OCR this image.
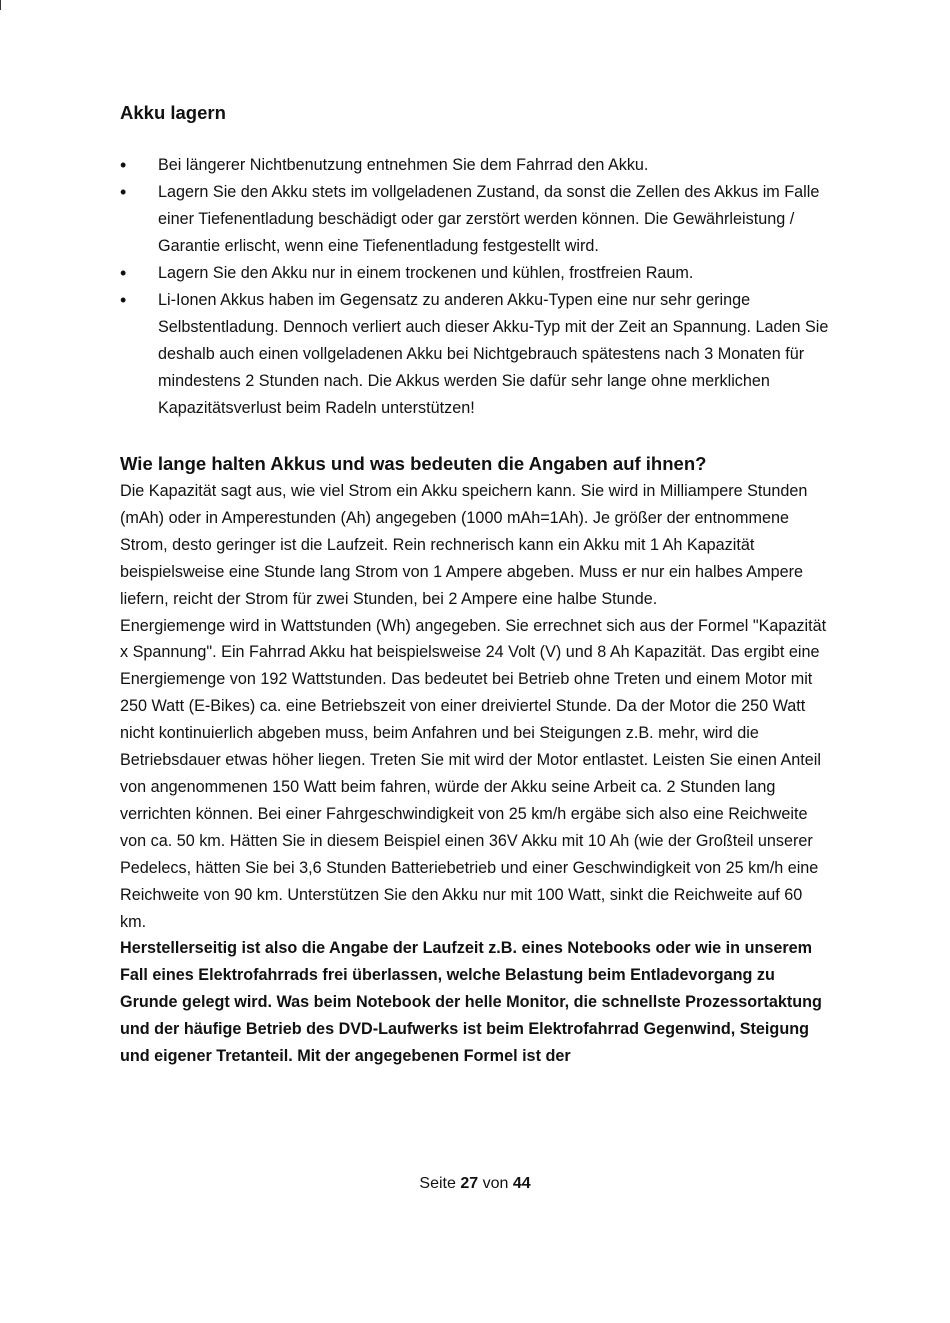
Akku lagern
• Bei längerer Nichtbenutzung entnehmen Sie dem Fahrrad den Akku.
• Lagern Sie den Akku stets im vollgeladenen Zustand, da sonst die Zellen des Akkus im Falle einer Tiefenentladung beschädigt oder gar zerstört werden können. Die Gewährleistung / Garantie erlischt, wenn eine Tiefenentladung festgestellt wird.
• Lagern Sie den Akku nur in einem trockenen und kühlen, frostfreien Raum.
• Li-Ionen Akkus haben im Gegensatz zu anderen Akku-Typen eine nur sehr geringe Selbstentladung. Dennoch verliert auch dieser Akku-Typ mit der Zeit an Spannung. Laden Sie deshalb auch einen vollgeladenen Akku bei Nichtgebrauch spätestens nach 3 Monaten für mindestens 2 Stunden nach. Die Akkus werden Sie dafür sehr lange ohne merklichen Kapazitätsverlust beim Radeln unterstützen!
Wie lange halten Akkus und was bedeuten die Angaben auf ihnen?

Die Kapazität sagt aus, wie viel Strom ein Akku speichern kann. Sie wird in Milliampere Stunden (mAh) oder in Amperestunden (Ah) angegeben (1000 mAh=1Ah). Je größer der entnommene Strom, desto geringer ist die Laufzeit. Rein rechnerisch kann ein Akku mit 1 Ah Kapazität beispielsweise eine Stunde lang Strom von 1 Ampere abgeben. Muss er nur ein halbes Ampere liefern, reicht der Strom für zwei Stunden, bei 2 Ampere eine halbe Stunde.

Energiemenge wird in Wattstunden (Wh) angegeben. Sie errechnet sich aus der Formel "Kapazität x Spannung". Ein Fahrrad Akku hat beispielsweise 24 Volt (V) und 8 Ah Kapazität. Das ergibt eine Energiemenge von 192 Wattstunden. Das bedeutet bei Betrieb ohne Treten und einem Motor mit 250 Watt (E-Bikes) ca. eine Betriebszeit von einer dreiviertel Stunde. Da der Motor die 250 Watt nicht kontinuierlich abgeben muss, beim Anfahren und bei Steigungen z.B. mehr, wird die Betriebsdauer etwas höher liegen. Treten Sie mit wird der Motor entlastet. Leisten Sie einen Anteil von angenommenen 150 Watt beim fahren, würde der Akku seine Arbeit ca. 2 Stunden lang verrichten können. Bei einer Fahrgeschwindigkeit von 25 km/h ergäbe sich also eine Reichweite von ca. 50 km. Hätten Sie in diesem Beispiel einen 36V Akku mit 10 Ah (wie der Großteil unserer Pedelecs, hätten Sie bei 3,6 Stunden Batteriebetrieb und einer Geschwindigkeit von 25 km/h eine Reichweite von 90 km. Unterstützen Sie den Akku nur mit 100 Watt, sinkt die Reichweite auf 60 km.

Herstellerseitig ist also die Angabe der Laufzeit z.B. eines Notebooks oder wie in unserem Fall eines Elektrofahrrads frei überlassen, welche Belastung beim Entladevorgang zu Grunde gelegt wird. Was beim Notebook der helle Monitor, die schnellste Prozessortaktung und der häufige Betrieb des DVD-Laufwerks ist beim Elektrofahrrad Gegenwind, Steigung und eigener Tretanteil. Mit der angegebenen Formel ist der

Seite 27 von 44
